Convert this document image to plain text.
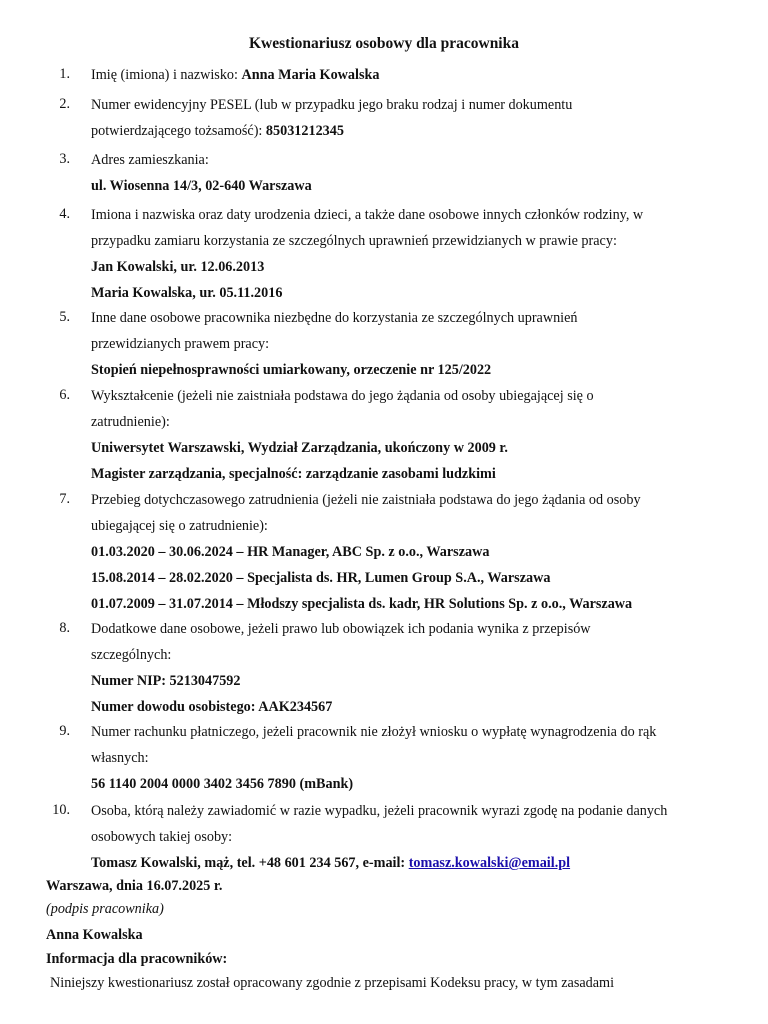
Kwestionariusz osobowy dla pracownika
1. Imię (imiona) i nazwisko: Anna Maria Kowalska
2. Numer ewidencyjny PESEL (lub w przypadku jego braku rodzaj i numer dokumentu
potwierdzającego tożsamość): 85031212345
3. Adres zamieszkania:
ul. Wiosenna 14/3, 02-640 Warszawa
4. Imiona i nazwiska oraz daty urodzenia dzieci, a także dane osobowe innych członków rodziny, w
przypadku zamiaru korzystania ze szczególnych uprawnień przewidzianych w prawie pracy:
Jan Kowalski, ur. 12.06.2013
Maria Kowalska, ur. 05.11.2016
5. Inne dane osobowe pracownika niezbędne do korzystania ze szczególnych uprawnień
przewidzianych prawem pracy:
Stopień niepełnosprawności umiarkowany, orzeczenie nr 125/2022
6. Wykształcenie (jeżeli nie zaistniała podstawa do jego żądania od osoby ubiegającej się o
zatrudnienie):
Uniwersytet Warszawski, Wydział Zarządzania, ukończony w 2009 r.
Magister zarządzania, specjalność: zarządzanie zasobami ludzkimi
7. Przebieg dotychczasowego zatrudnienia (jeżeli nie zaistniała podstawa do jego żądania od osoby
ubiegającej się o zatrudnienie):
01.03.2020 – 30.06.2024 – HR Manager, ABC Sp. z o.o., Warszawa
15.08.2014 – 28.02.2020 – Specjalista ds. HR, Lumen Group S.A., Warszawa
01.07.2009 – 31.07.2014 – Młodszy specjalista ds. kadr, HR Solutions Sp. z o.o., Warszawa
8. Dodatkowe dane osobowe, jeżeli prawo lub obowiązek ich podania wynika z przepisów
szczególnych:
Numer NIP: 5213047592
Numer dowodu osobistego: AAK234567
9. Numer rachunku płatniczego, jeżeli pracownik nie złożył wniosku o wypłatę wynagrodzenia do rąk
własnych:
56 1140 2004 0000 3402 3456 7890 (mBank)
10. Osoba, którą należy zawiadomić w razie wypadku, jeżeli pracownik wyrazi zgodę na podanie danych
osobowych takiej osoby:
Tomasz Kowalski, mąż, tel. +48 601 234 567, e-mail: tomasz.kowalski@email.pl
Warszawa, dnia 16.07.2025 r.
(podpis pracownika)
Anna Kowalska
Informacja dla pracowników:
Niniejszy kwestionariusz został opracowany zgodnie z przepisami Kodeksu pracy, w tym zasadami
